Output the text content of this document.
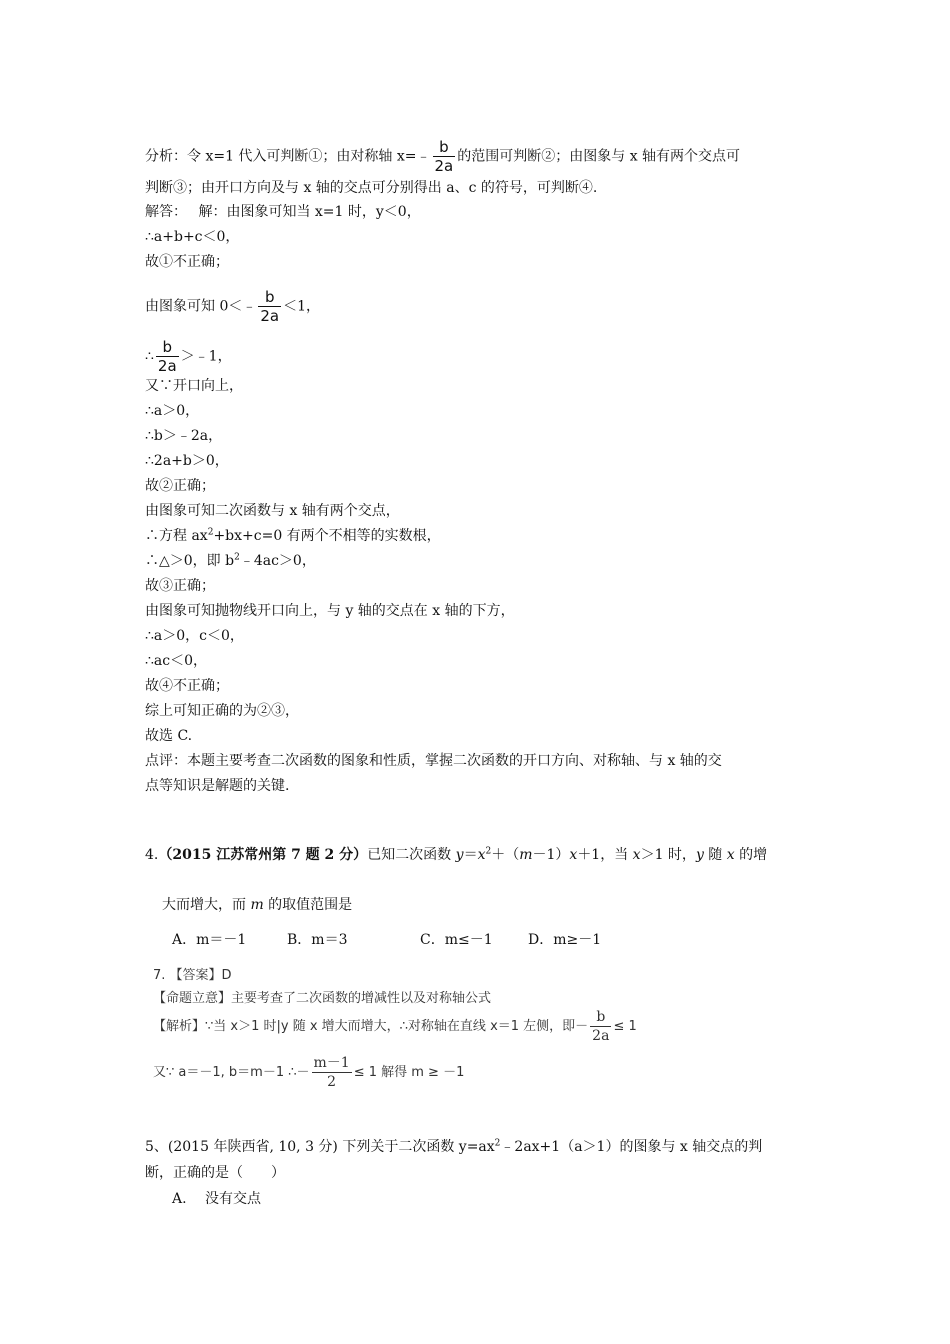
分析：令 x=1 代入可判断①；由对称轴 x=﹣ $\frac{b}{2a}$ 的范围可判断②；由图象与 x 轴有两个交点可
判断③；由开口方向及与 x 轴的交点可分别得出 a、c 的符号，可判断④.
解答：　 解：由图象可知当 x=1 时，y＜0，
∴a+b+c＜0，
故①不正确；
由图象可知 0＜﹣ $\frac{b}{2a} <1$，
∴ $\frac{b}{2a}$ ＞﹣1，
又∵开口向上，
∴a＞0，
∴b＞﹣2a，
∴2a+b＞0，
故②正确；
由图象可知二次函数与 x 轴有两个交点，
∴方程 $ax^2+bx+c=0$ 有两个不相等的实数根，
∴△＞0，即 $b^2﹣4ac>0$，
故③正确；
由图象可知抛物线开口向上，与 y 轴的交点在 x 轴的下方，
∴a＞0，c＜0，
∴ac＜0，
故④不正确；
综上可知正确的为②③，
故选 C.
点评：本题主要考查二次函数的图象和性质，掌握二次函数的开口方向、对称轴、与 x 轴的交
点等知识是解题的关键.
4.（2015 江苏常州第 7 题 2 分）已知二次函数 $y=x^2+(m-1)x+1$，当 x＞1 时，y 随 x 的增
大而增大，而 m 的取值范围是
A．m＝－1	B．m＝3	C．m≤－1	D．m≥－1
7. 【答案】D
【命题立意】主要考查了二次函数的增减性以及对称轴公式
【解析】∵当 x＞1 时|y 随 x 增大而增大，∴对称轴在直线 x＝1 左侧，即－ $\frac{b}{2a} \le 1$
又∵ a＝－1, b＝m－1 ∴－ $\frac{m-1}{2} \le 1$ 解得 m ≥ －1
5、(2015 年陕西省, 10, 3 分) 下列关于二次函数 $y=ax^2﹣2ax+1(a>1)$的图象与 x 轴交点的判
断，正确的是（　　）
A.　 没有交点
